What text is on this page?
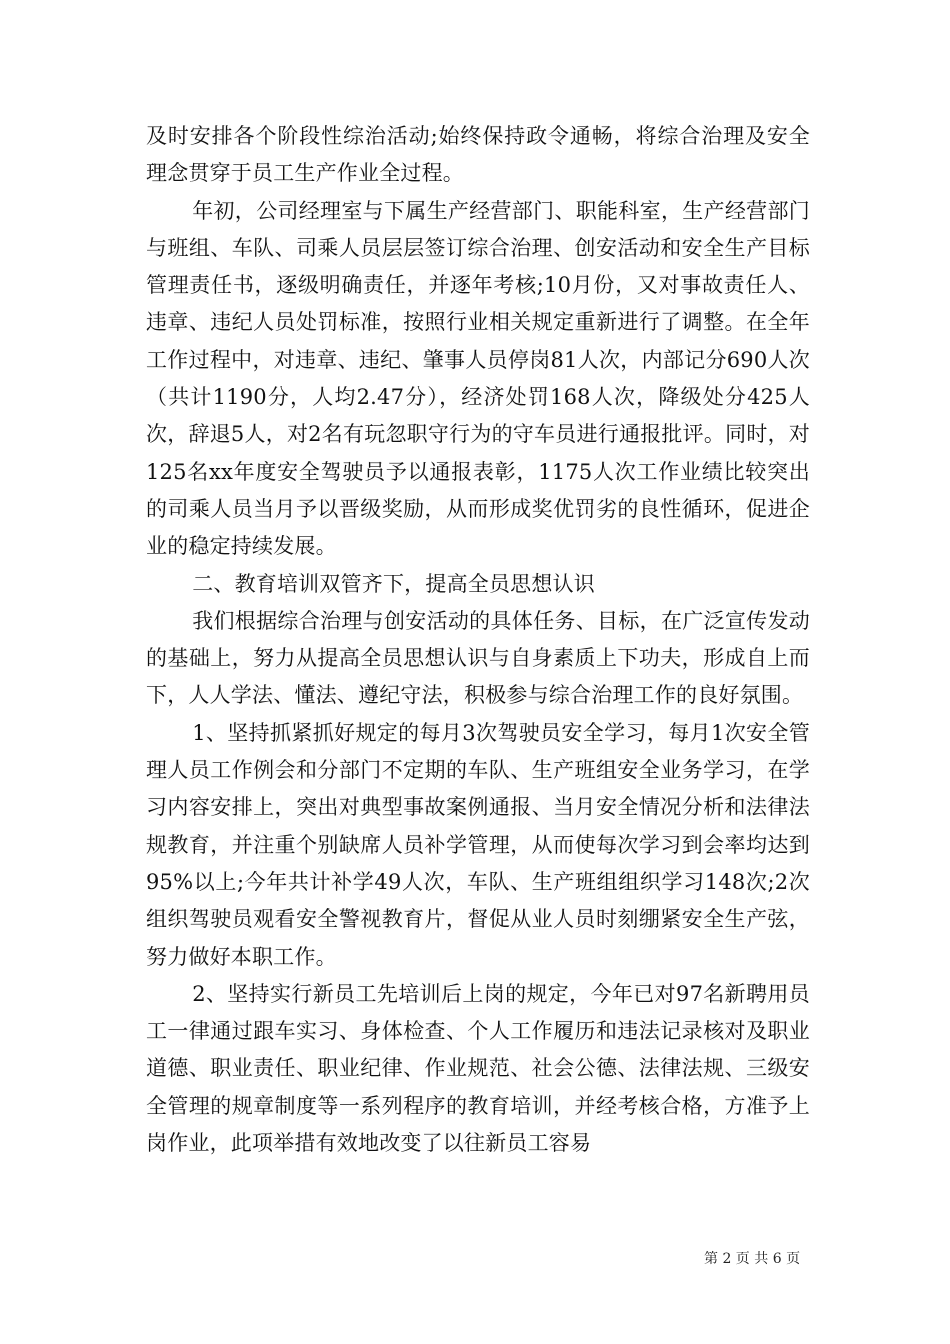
及时安排各个阶段性综治活动;始终保持政令通畅，将综合治理及安全理念贯穿于员工生产作业全过程。

年初，公司经理室与下属生产经营部门、职能科室，生产经营部门与班组、车队、司乘人员层层签订综合治理、创安活动和安全生产目标管理责任书，逐级明确责任，并逐年考核;10月份，又对事故责任人、违章、违纪人员处罚标准，按照行业相关规定重新进行了调整。在全年工作过程中，对违章、违纪、肇事人员停岗81人次，内部记分690人次（共计1190分，人均2.47分），经济处罚168人次，降级处分425人次，辞退5人，对2名有玩忽职守行为的守车员进行通报批评。同时，对125名xx年度安全驾驶员予以通报表彰，1175人次工作业绩比较突出的司乘人员当月予以晋级奖励，从而形成奖优罚劣的良性循环，促进企业的稳定持续发展。

二、教育培训双管齐下，提高全员思想认识

我们根据综合治理与创安活动的具体任务、目标，在广泛宣传发动的基础上，努力从提高全员思想认识与自身素质上下功夫，形成自上而下，人人学法、懂法、遵纪守法，积极参与综合治理工作的良好氛围。

1、坚持抓紧抓好规定的每月3次驾驶员安全学习，每月1次安全管理人员工作例会和分部门不定期的车队、生产班组安全业务学习，在学习内容安排上，突出对典型事故案例通报、当月安全情况分析和法律法规教育，并注重个别缺席人员补学管理，从而使每次学习到会率均达到95%以上;今年共计补学49人次，车队、生产班组组织学习148次;2次组织驾驶员观看安全警视教育片，督促从业人员时刻绷紧安全生产弦，努力做好本职工作。

2、坚持实行新员工先培训后上岗的规定，今年已对97名新聘用员工一律通过跟车实习、身体检查、个人工作履历和违法记录核对及职业道德、职业责任、职业纪律、作业规范、社会公德、法律法规、三级安全管理的规章制度等一系列程序的教育培训，并经考核合格，方准予上岗作业，此项举措有效地改变了以往新员工容易

第 2 页 共 6 页
